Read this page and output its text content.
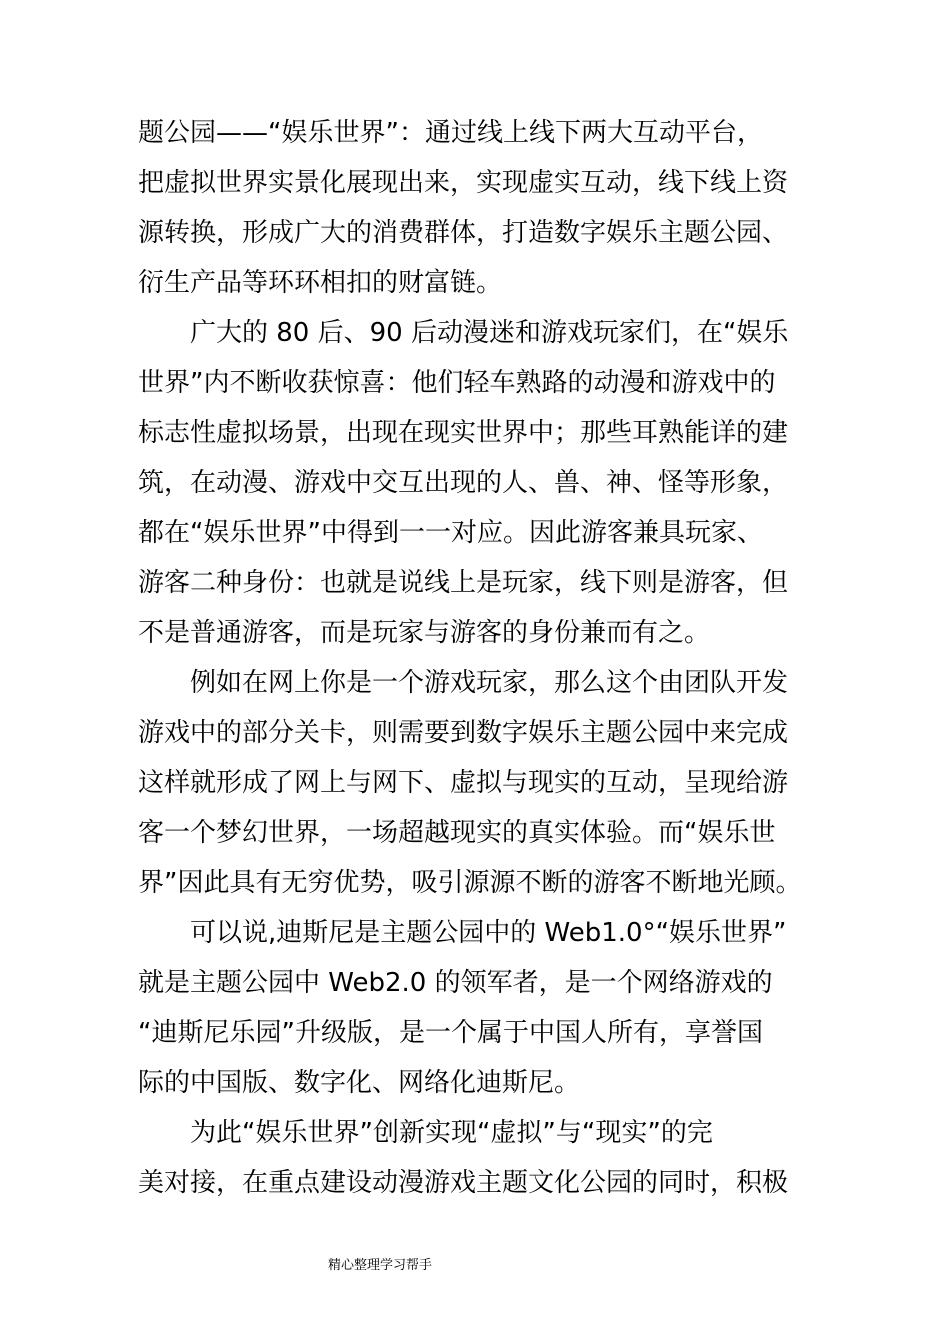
题公园——“娱乐世界”：通过线上线下两大互动平台，
把虚拟世界实景化展现出来，实现虚实互动，线下线上资
源转换，形成广大的消费群体，打造数字娱乐主题公园、
衍生产品等环环相扣的财富链。
　　广大的 80 后、90 后动漫迷和游戏玩家们，在“娱乐
世界”内不断收获惊喜：他们轻车熟路的动漫和游戏中的
标志性虚拟场景，出现在现实世界中；那些耳熟能详的建
筑，在动漫、游戏中交互出现的人、兽、神、怪等形象，
都在“娱乐世界”中得到一一对应。因此游客兼具玩家、
游客二种身份：也就是说线上是玩家，线下则是游客，但
不是普通游客，而是玩家与游客的身份兼而有之。
　　例如在网上你是一个游戏玩家，那么这个由团队开发
游戏中的部分关卡，则需要到数字娱乐主题公园中来完成
这样就形成了网上与网下、虚拟与现实的互动，呈现给游
客一个梦幻世界，一场超越现实的真实体验。而“娱乐世
界”因此具有无穷优势，吸引源源不断的游客不断地光顾。
　　可以说,迪斯尼是主题公园中的 Web1.0°“娱乐世界”
就是主题公园中 Web2.0 的领军者，是一个网络游戏的
“迪斯尼乐园”升级版，是一个属于中国人所有，享誉国
际的中国版、数字化、网络化迪斯尼。
　　为此“娱乐世界”创新实现“虚拟”与“现实”的完
美对接，在重点建设动漫游戏主题文化公园的同时，积极
精心整理学习帮手
